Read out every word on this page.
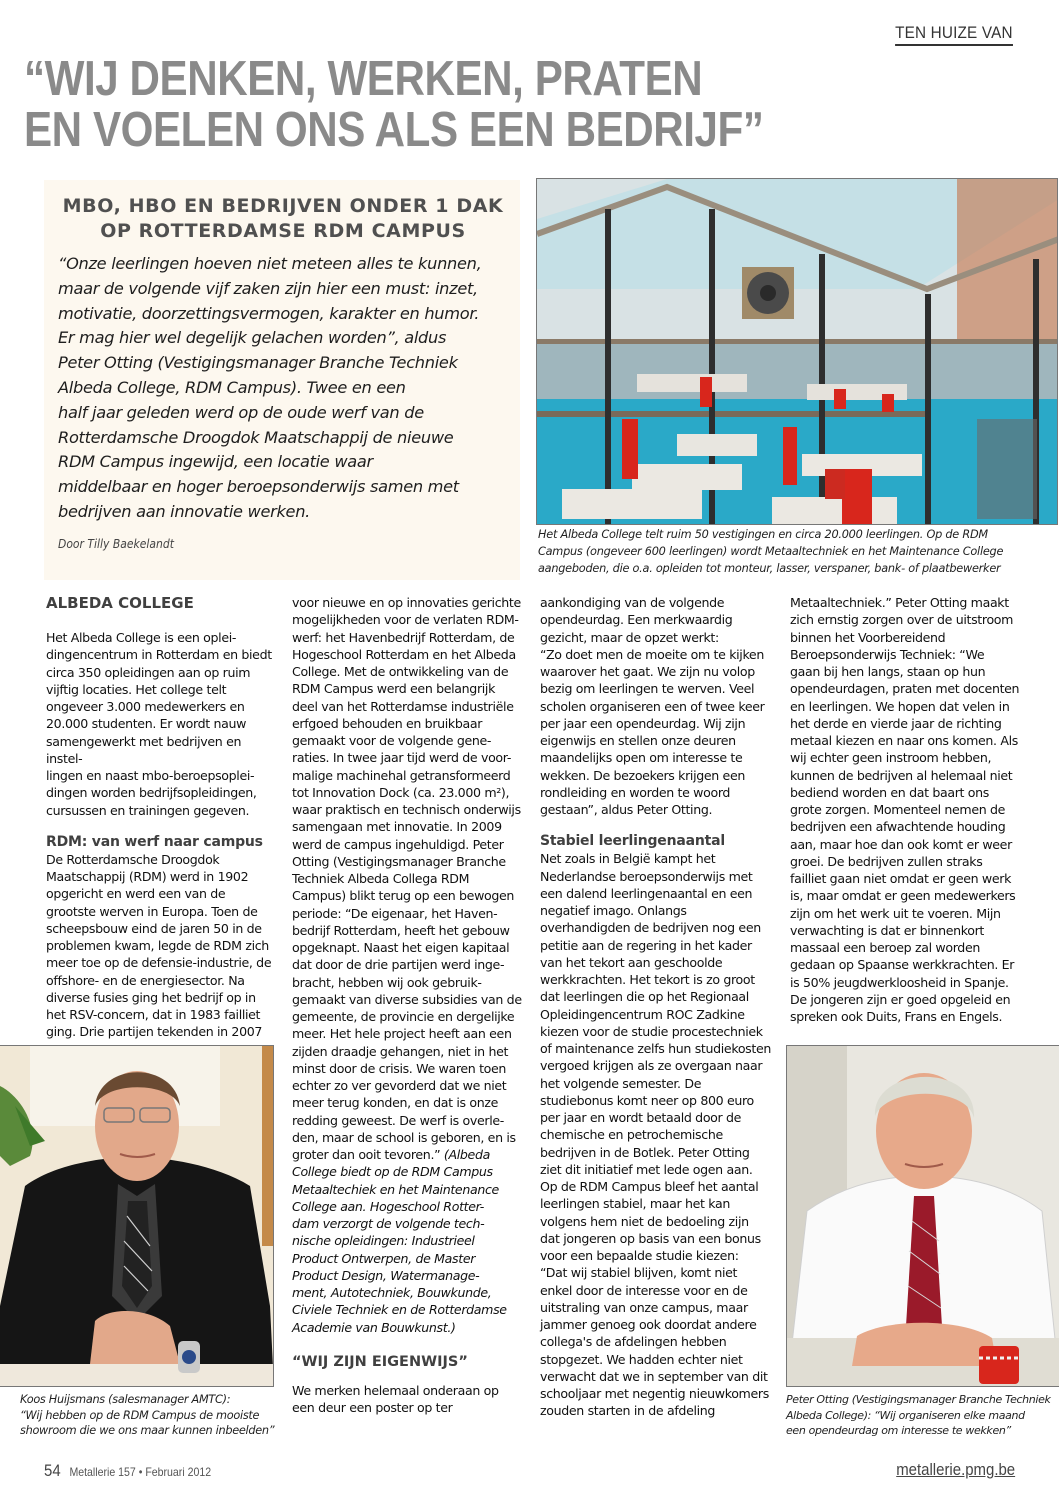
TEN HUIZE VAN
“WIJ DENKEN, WERKEN, PRATEN
EN VOELEN ONS ALS EEN BEDRIJF”
MBO, HBO EN BEDRIJVEN ONDER 1 DAK
OP ROTTERDAMSE RDM CAMPUS
“Onze leerlingen hoeven niet meteen alles te kunnen,
maar de volgende vijf zaken zijn hier een must: inzet,
motivatie, doorzettingsvermogen, karakter en humor.
Er mag hier wel degelijk gelachen worden”, aldus
Peter Otting (Vestigingsmanager Branche Techniek
Albeda College, RDM Campus). Twee en een
half jaar geleden werd op de oude werf van de
Rotterdamsche Droogdok Maatschappij de nieuwe
RDM Campus ingewijd, een locatie waar
middelbaar en hoger beroepsonderwijs samen met
bedrijven aan innovatie werken.
Door Tilly Baekelandt
Het Albeda College telt ruim 50 vestigingen en circa 20.000 leerlingen. Op de RDM
Campus (ongeveer 600 leerlingen) wordt Metaaltechniek en het Maintenance College
aangeboden, die o.a. opleiden tot monteur, lasser, verspaner, bank- of plaatbewerker
ALBEDA COLLEGE
Het Albeda College is een oplei-
dingencentrum in Rotterdam en biedt
circa 350 opleidingen aan op ruim
vijftig locaties. Het college telt
ongeveer 3.000 medewerkers en
20.000 studenten. Er wordt nauw
samengewerkt met bedrijven en instel-
lingen en naast mbo-beroepsoplei-
dingen worden bedrijfsopleidingen,
cursussen en trainingen gegeven.
RDM: van werf naar campus
De Rotterdamsche Droogdok
Maatschappij (RDM) werd in 1902
opgericht en werd een van de
grootste werven in Europa. Toen de
scheepsbouw eind de jaren 50 in de
problemen kwam, legde de RDM zich
meer toe op de defensie-industrie, de
offshore- en de energiesector. Na
diverse fusies ging het bedrijf op in
het RSV-concern, dat in 1983 failliet
ging. Drie partijen tekenden in 2007
voor nieuwe en op innovaties gerichte
mogelijkheden voor de verlaten RDM-
werf: het Havenbedrijf Rotterdam, de
Hogeschool Rotterdam en het Albeda
College. Met de ontwikkeling van de
RDM Campus werd een belangrijk
deel van het Rotterdamse industriële
erfgoed behouden en bruikbaar
gemaakt voor de volgende gene-
raties. In twee jaar tijd werd de voor-
malige machinehal getransformeerd
tot Innovation Dock (ca. 23.000 m²),
waar praktisch en technisch onderwijs
samengaan met innovatie. In 2009
werd de campus ingehuldigd. Peter
Otting (Vestigingsmanager Branche
Techniek Albeda Collega RDM
Campus) blikt terug op een bewogen
periode: “De eigenaar, het Haven-
bedrijf Rotterdam, heeft het gebouw
opgeknapt. Naast het eigen kapitaal
dat door de drie partijen werd inge-
bracht, hebben wij ook gebruik-
gemaakt van diverse subsidies van de
gemeente, de provincie en dergelijke
meer. Het hele project heeft aan een
zijden draadje gehangen, niet in het
minst door de crisis. We waren toen
echter zo ver gevorderd dat we niet
meer terug konden, en dat is onze
redding geweest. De werf is overle-
den, maar de school is geboren, en is
groter dan ooit tevoren.” (Albeda
College biedt op de RDM Campus
Metaaltechiek en het Maintenance
College aan. Hogeschool Rotter-
dam verzorgt de volgende tech-
nische opleidingen: Industrieel
Product Ontwerpen, de Master
Product Design, Watermanage-
ment, Autotechniek, Bouwkunde,
Civiele Techniek en de Rotterdamse
Academie van Bouwkunst.)
“WIJ ZIJN EIGENWIJS”
We merken helemaal onderaan op
een deur een poster op ter
aankondiging van de volgende
opendeurdag. Een merkwaardig
gezicht, maar de opzet werkt:
“Zo doet men de moeite om te kijken
waarover het gaat. We zijn nu volop
bezig om leerlingen te werven. Veel
scholen organiseren een of twee keer
per jaar een opendeurdag. Wij zijn
eigenwijs en stellen onze deuren
maandelijks open om interesse te
wekken. De bezoekers krijgen een
rondleiding en worden te woord
gestaan”, aldus Peter Otting.
Stabiel leerlingenaantal
Net zoals in België kampt het
Nederlandse beroepsonderwijs met
een dalend leerlingenaantal en een
negatief imago. Onlangs
overhandigden de bedrijven nog een
petitie aan de regering in het kader
van het tekort aan geschoolde
werkkrachten. Het tekort is zo groot
dat leerlingen die op het Regionaal
Opleidingencentrum ROC Zadkine
kiezen voor de studie procestechniek
of maintenance zelfs hun studiekosten
vergoed krijgen als ze overgaan naar
het volgende semester. De
studiebonus komt neer op 800 euro
per jaar en wordt betaald door de
chemische en petrochemische
bedrijven in de Botlek. Peter Otting
ziet dit initiatief met lede ogen aan.
Op de RDM Campus bleef het aantal
leerlingen stabiel, maar het kan
volgens hem niet de bedoeling zijn
dat jongeren op basis van een bonus
voor een bepaalde studie kiezen:
“Dat wij stabiel blijven, komt niet
enkel door de interesse voor en de
uitstraling van onze campus, maar
jammer genoeg ook doordat andere
collega's de afdelingen hebben
stopgezet. We hadden echter niet
verwacht dat we in september van dit
schooljaar met negentig nieuwkomers
zouden starten in de afdeling
Metaaltechniek.” Peter Otting maakt
zich ernstig zorgen over de uitstroom
binnen het Voorbereidend
Beroepsonderwijs Techniek: “We
gaan bij hen langs, staan op hun
opendeurdagen, praten met docenten
en leerlingen. We hopen dat velen in
het derde en vierde jaar de richting
metaal kiezen en naar ons komen. Als
wij echter geen instroom hebben,
kunnen de bedrijven al helemaal niet
bediend worden en dat baart ons
grote zorgen. Momenteel nemen de
bedrijven een afwachtende houding
aan, maar hoe dan ook komt er weer
groei. De bedrijven zullen straks
failliet gaan niet omdat er geen werk
is, maar omdat er geen medewerkers
zijn om het werk uit te voeren. Mijn
verwachting is dat er binnenkort
massaal een beroep zal worden
gedaan op Spaanse werkkrachten. Er
is 50% jeugdwerkloosheid in Spanje.
De jongeren zijn er goed opgeleid en
spreken ook Duits, Frans en Engels.
Koos Huijsmans (salesmanager AMTC):
“Wij hebben op de RDM Campus de mooiste
showroom die we ons maar kunnen inbeelden”
Peter Otting (Vestigingsmanager Branche Techniek
Albeda College): “Wij organiseren elke maand
een opendeurdag om interesse te wekken”
54 Metallerie 157 • Februari 2012	metallerie.pmg.be
